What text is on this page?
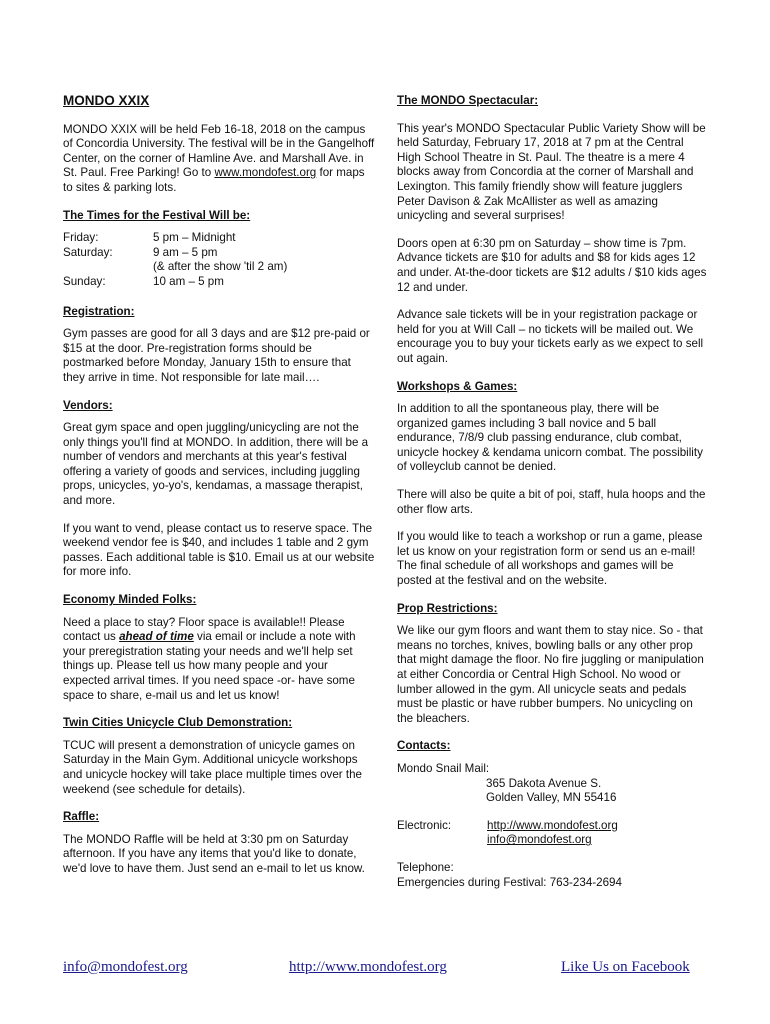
MONDO XXIX

MONDO XXIX will be held Feb 16-18, 2018 on the campus of Concordia University. The festival will be in the Gangelhoff Center, on the corner of Hamline Ave. and Marshall Ave. in St. Paul. Free Parking! Go to www.mondofest.org for maps to sites & parking lots.

The Times for the Festival Will be:
Friday:	5 pm – Midnight
Saturday:	9 am – 5 pm
(& after the show 'til 2 am)
Sunday:	10 am – 5 pm
Registration:

Gym passes are good for all 3 days and are $12 pre-paid or $15 at the door. Pre-registration forms should be postmarked before Monday, January 15th to ensure that they arrive in time. Not responsible for late mail….

Vendors:

Great gym space and open juggling/unicycling are not the only things you'll find at MONDO. In addition, there will be a number of vendors and merchants at this year's festival offering a variety of goods and services, including juggling props, unicycles, yo-yo's, kendamas, a massage therapist, and more.

If you want to vend, please contact us to reserve space. The weekend vendor fee is $40, and includes 1 table and 2 gym passes. Each additional table is $10. Email us at our website for more info.

Economy Minded Folks:

Need a place to stay? Floor space is available!! Please contact us ahead of time via email or include a note with your preregistration stating your needs and we'll help set things up. Please tell us how many people and your expected arrival times. If you need space -or- have some space to share, e-mail us and let us know!

Twin Cities Unicycle Club Demonstration:

TCUC will present a demonstration of unicycle games on Saturday in the Main Gym. Additional unicycle workshops and unicycle hockey will take place multiple times over the weekend (see schedule for details).

Raffle:

The MONDO Raffle will be held at 3:30 pm on Saturday afternoon. If you have any items that you'd like to donate, we'd love to have them. Just send an e-mail to let us know.

The MONDO Spectacular:

This year's MONDO Spectacular Public Variety Show will be held Saturday, February 17, 2018 at 7 pm at the Central High School Theatre in St. Paul. The theatre is a mere 4 blocks away from Concordia at the corner of Marshall and Lexington. This family friendly show will feature jugglers Peter Davison & Zak McAllister as well as amazing unicycling and several surprises!

Doors open at 6:30 pm on Saturday – show time is 7pm. Advance tickets are $10 for adults and $8 for kids ages 12 and under. At-the-door tickets are $12 adults / $10 kids ages 12 and under.

Advance sale tickets will be in your registration package or held for you at Will Call – no tickets will be mailed out. We encourage you to buy your tickets early as we expect to sell out again.

Workshops & Games:

In addition to all the spontaneous play, there will be organized games including 3 ball novice and 5 ball endurance, 7/8/9 club passing endurance, club combat, unicycle hockey & kendama unicorn combat. The possibility of volleyclub cannot be denied.

There will also be quite a bit of poi, staff, hula hoops and the other flow arts.

If you would like to teach a workshop or run a game, please let us know on your registration form or send us an e-mail! The final schedule of all workshops and games will be posted at the festival and on the website.

Prop Restrictions:

We like our gym floors and want them to stay nice. So - that means no torches, knives, bowling balls or any other prop that might damage the floor. No fire juggling or manipulation at either Concordia or Central High School. No wood or lumber allowed in the gym. All unicycle seats and pedals must be plastic or have rubber bumpers. No unicycling on the bleachers.

Contacts:
Mondo Snail Mail:
365 Dakota Avenue S.
Golden Valley, MN 55416
Electronic:	http://www.mondofest.org
info@mondofest.org
Telephone:
Emergencies during Festival: 763-234-2694
info@mondofest.org	http://www.mondofest.org	Like Us on Facebook
